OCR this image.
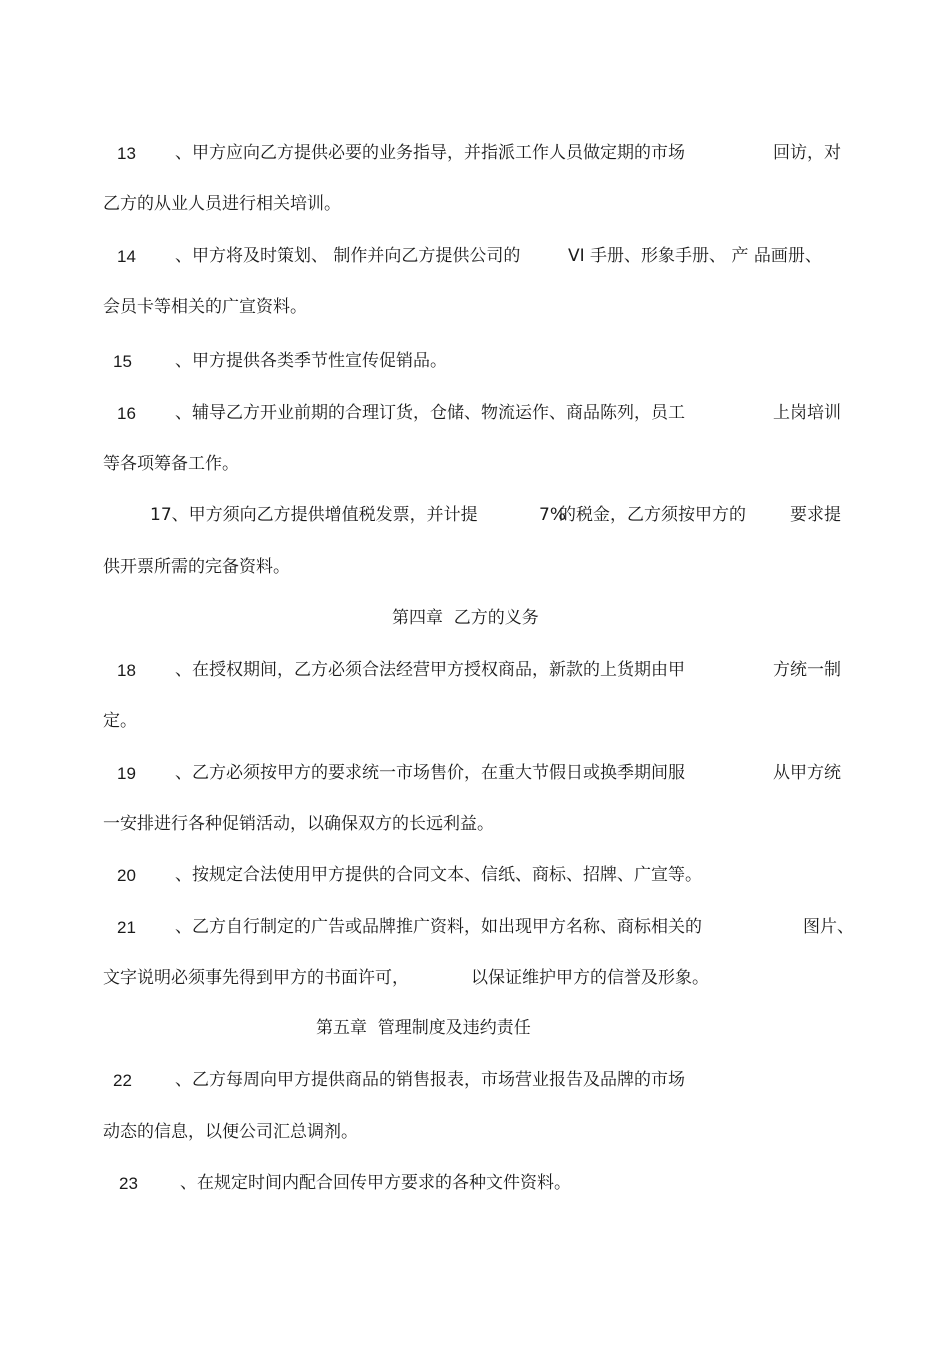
13 、甲方应向乙方提供必要的业务指导，并指派工作人员做定期的市场	回访，对
乙方的从业人员进行相关培训。
14 、甲方将及时策划、 制作并向乙方提供公司的	VI 手册、形象手册、 产 品画册、
会员卡等相关的广宣资料。
15	、甲方提供各类季节性宣传促销品。
16 、辅导乙方开业前期的合理订货，仓储、物流运作、商品陈列，员工	上岗培训
等各项筹备工作。
17、甲方须向乙方提供增值税发票，并计提	7%
的税金，乙方须按甲方的	要求提
供开票所需的完备资料。
第四章  乙方的义务
18 、在授权期间，乙方必须合法经营甲方授权商品，新款的上货期由甲	方统一制
定。
19 、乙方必须按甲方的要求统一市场售价，在重大节假日或换季期间服	从甲方统
一安排进行各种促销活动，以确保双方的长远利益。
20 、按规定合法使用甲方提供的合同文本、信纸、商标、招牌、广宣等。
21 、乙方自行制定的广告或品牌推广资料，如出现甲方名称、商标相关的	图片、
文字说明必须事先得到甲方的书面许可，	以保证维护甲方的信誉及形象。
第五章  管理制度及违约责任
22	、乙方每周向甲方提供商品的销售报表，市场营业报告及品牌的市场
动态的信息，以便公司汇总调剂。
23 、在规定时间内配合回传甲方要求的各种文件资料。
